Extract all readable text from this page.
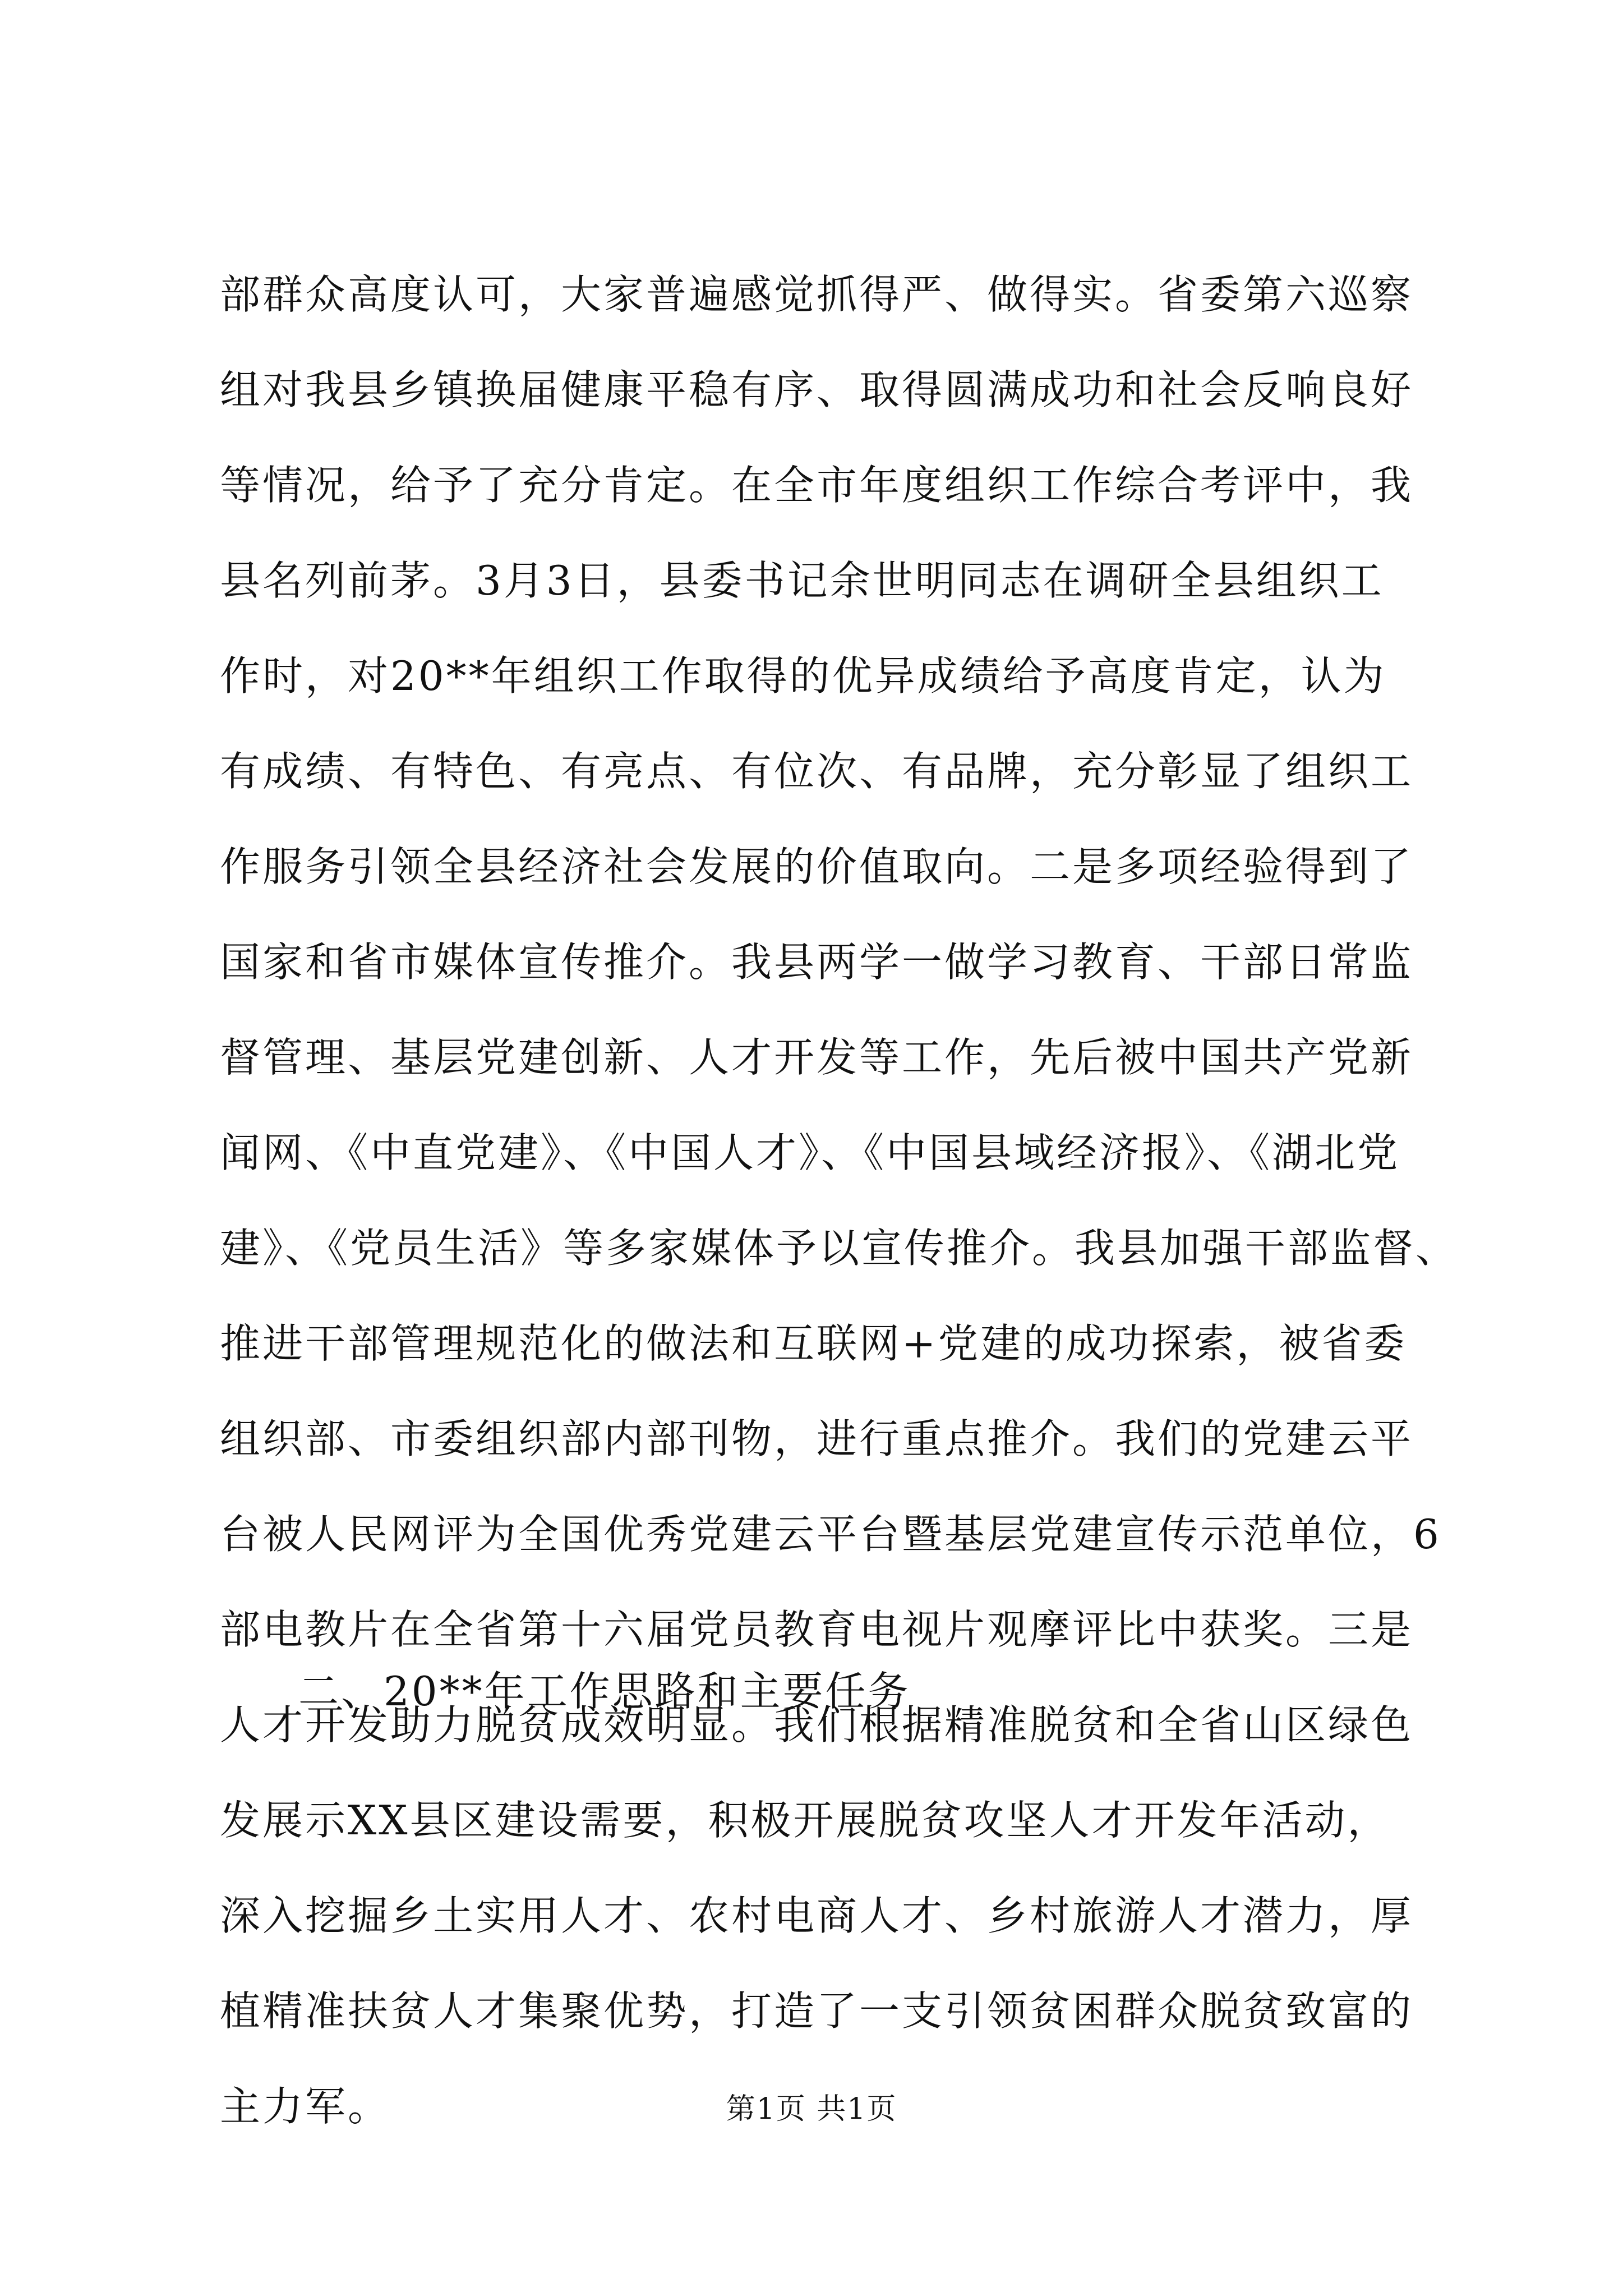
部群众高度认可，大家普遍感觉抓得严、做得实。省委第六巡察
组对我县乡镇换届健康平稳有序、取得圆满成功和社会反响良好
等情况，给予了充分肯定。在全市年度组织工作综合考评中，我
县名列前茅。3月3日，县委书记余世明同志在调研全县组织工
作时，对20**年组织工作取得的优异成绩给予高度肯定，认为
有成绩、有特色、有亮点、有位次、有品牌，充分彰显了组织工
作服务引领全县经济社会发展的价值取向。二是多项经验得到了
国家和省市媒体宣传推介。我县两学一做学习教育、干部日常监
督管理、基层党建创新、人才开发等工作，先后被中国共产党新
闻网、《中直党建》、《中国人才》、《中国县域经济报》、《湖北党
建》、《党员生活》等多家媒体予以宣传推介。我县加强干部监督、
推进干部管理规范化的做法和互联网+党建的成功探索，被省委
组织部、市委组织部内部刊物，进行重点推介。我们的党建云平
台被人民网评为全国优秀党建云平台暨基层党建宣传示范单位，6
部电教片在全省第十六届党员教育电视片观摩评比中获奖。三是
人才开发助力脱贫成效明显。我们根据精准脱贫和全省山区绿色
发展示XX县区建设需要，积极开展脱贫攻坚人才开发年活动，
深入挖掘乡土实用人才、农村电商人才、乡村旅游人才潜力，厚
植精准扶贫人才集聚优势，打造了一支引领贫困群众脱贫致富的
主力军。
二、20**年工作思路和主要任务
第1页 共1页
